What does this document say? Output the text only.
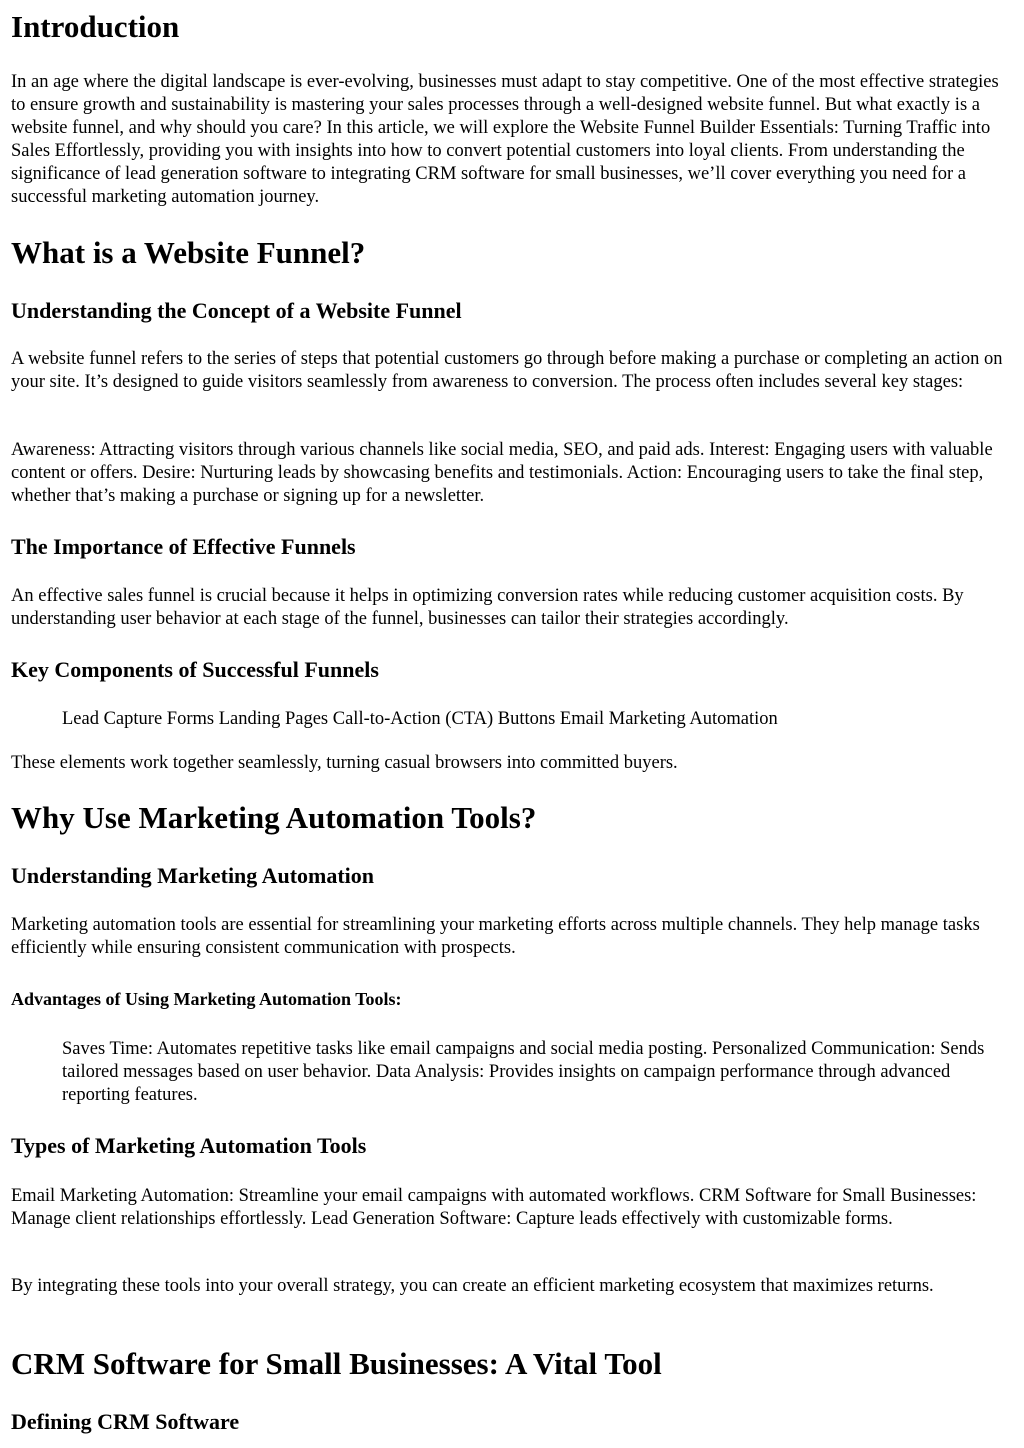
Introduction

In an age where the digital landscape is ever-evolving, businesses must adapt to stay competitive. One of the most effective strategies to ensure growth and sustainability is mastering your sales processes through a well-designed website funnel. But what exactly is a website funnel, and why should you care? In this article, we will explore the Website Funnel Builder Essentials: Turning Traffic into Sales Effortlessly, providing you with insights into how to convert potential customers into loyal clients. From understanding the significance of lead generation software to integrating CRM software for small businesses, we’ll cover everything you need for a successful marketing automation journey.

What is a Website Funnel?
Understanding the Concept of a Website Funnel

A website funnel refers to the series of steps that potential customers go through before making a purchase or completing an action on your site. It’s designed to guide visitors seamlessly from awareness to conversion. The process often includes several key stages:

Awareness: Attracting visitors through various channels like social media, SEO, and paid ads. Interest: Engaging users with valuable content or offers. Desire: Nurturing leads by showcasing benefits and testimonials. Action: Encouraging users to take the final step, whether that’s making a purchase or signing up for a newsletter.

The Importance of Effective Funnels

An effective sales funnel is crucial because it helps in optimizing conversion rates while reducing customer acquisition costs. By understanding user behavior at each stage of the funnel, businesses can tailor their strategies accordingly.

Key Components of Successful Funnels
Lead Capture Forms Landing Pages Call-to-Action (CTA) Buttons Email Marketing Automation

These elements work together seamlessly, turning casual browsers into committed buyers.

Why Use Marketing Automation Tools?
Understanding Marketing Automation

Marketing automation tools are essential for streamlining your marketing efforts across multiple channels. They help manage tasks efficiently while ensuring consistent communication with prospects.

Advantages of Using Marketing Automation Tools:
Saves Time: Automates repetitive tasks like email campaigns and social media posting. Personalized Communication: Sends tailored messages based on user behavior. Data Analysis: Provides insights on campaign performance through advanced reporting features.
Types of Marketing Automation Tools

Email Marketing Automation: Streamline your email campaigns with automated workflows. CRM Software for Small Businesses: Manage client relationships effortlessly. Lead Generation Software: Capture leads effectively with customizable forms.

By integrating these tools into your overall strategy, you can create an efficient marketing ecosystem that maximizes returns.

CRM Software for Small Businesses: A Vital Tool
Defining CRM Software
